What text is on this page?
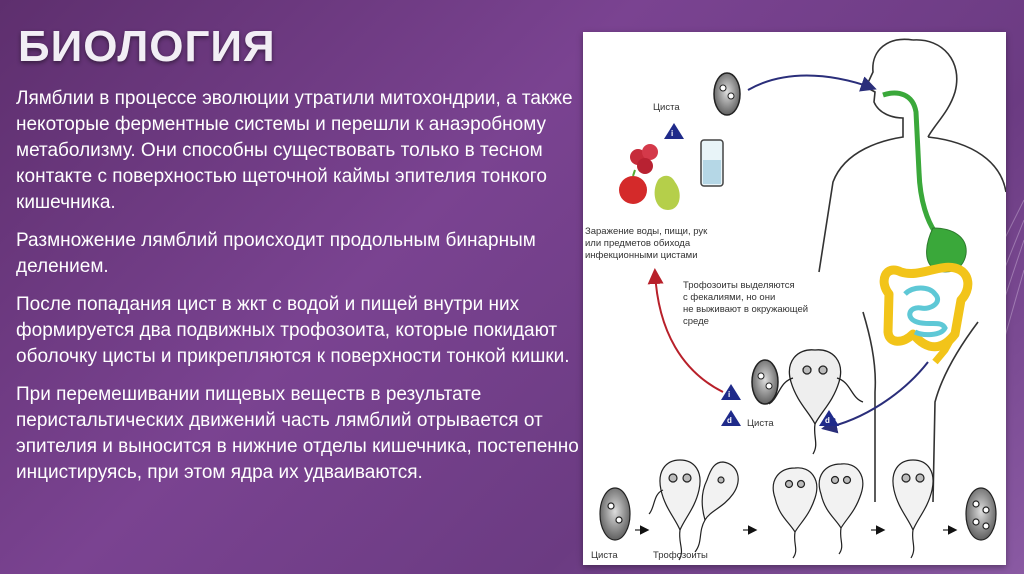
БИОЛОГИЯ

Лямблии в процессе эволюции утратили митохондрии, а также некоторые ферментные системы и перешли к анаэробному метаболизму. Они способны существовать только в тесном контакте с поверхностью щеточной каймы эпителия тонкого кишечника.

Размножение лямблий происходит продольным бинарным делением.

После попадания цист в жкт с водой и пищей внутри них формируется два подвижных трофозоита, которые покидают оболочку цисты и прикрепляются к поверхности тонкой кишки.

При перемешивании пищевых веществ в результате перистальтических движений часть лямблий отрывается от эпителия и выносится в нижние отделы кишечника, постепенно инцистируясь, при этом ядра их удваиваются.

Циста
i
Заражение воды, пищи, рук
или предметов обихода
инфекционными цистами
Трофозоиты выделяются
с фекалиями, но они
не выживают в окружающей
среде
i
d	d
Циста
Циста	Трофозоиты
